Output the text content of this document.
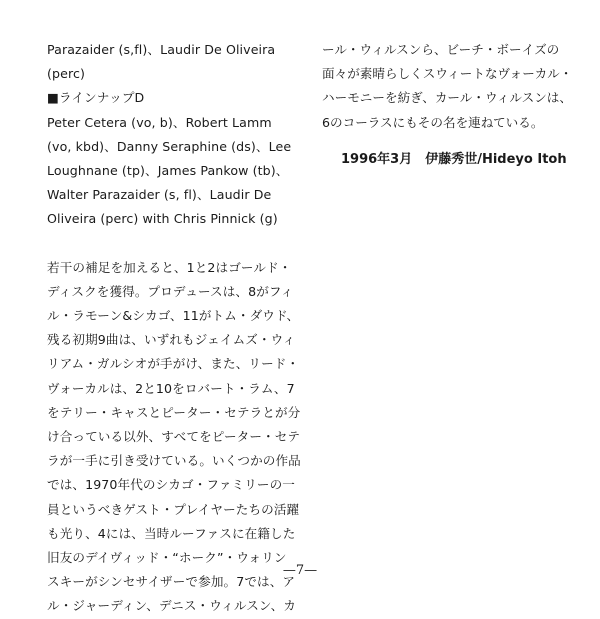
Parazaider (s,fl)、Laudir De Oliveira
(perc)

■ラインナップD

Peter Cetera (vo, b)、Robert Lamm
(vo, kbd)、Danny Seraphine (ds)、Lee
Loughnane (tp)、James Pankow (tb)、
Walter Parazaider (s, fl)、Laudir De
Oliveira (perc) with Chris Pinnick (g)

若干の補足を加えると、1と2はゴールド・
ディスクを獲得。プロデュースは、8がフィ
ル・ラモーン&シカゴ、11がトム・ダウド、
残る初期9曲は、いずれもジェイムズ・ウィ
リアム・ガルシオが手がけ、また、リード・
ヴォーカルは、2と10をロバート・ラム、7
をテリー・キャスとピーター・セテラとが分
け合っている以外、すべてをピーター・セテ
ラが一手に引き受けている。いくつかの作品
では、1970年代のシカゴ・ファミリーの一
員というべきゲスト・プレイヤーたちの活躍
も光り、4には、当時ルーファスに在籍した
旧友のデイヴィッド・“ホーク”・ウォリン
スキーがシンセサイザーで参加。7では、ア
ル・ジャーディン、デニス・ウィルスン、カ

ール・ウィルスンら、ビーチ・ボーイズの
面々が素晴らしくスウィートなヴォーカル・
ハーモニーを紡ぎ、カール・ウィルスンは、
6のコーラスにもその名を連ねている。

1996年3月　伊藤秀世/Hideyo Itoh
—7—
